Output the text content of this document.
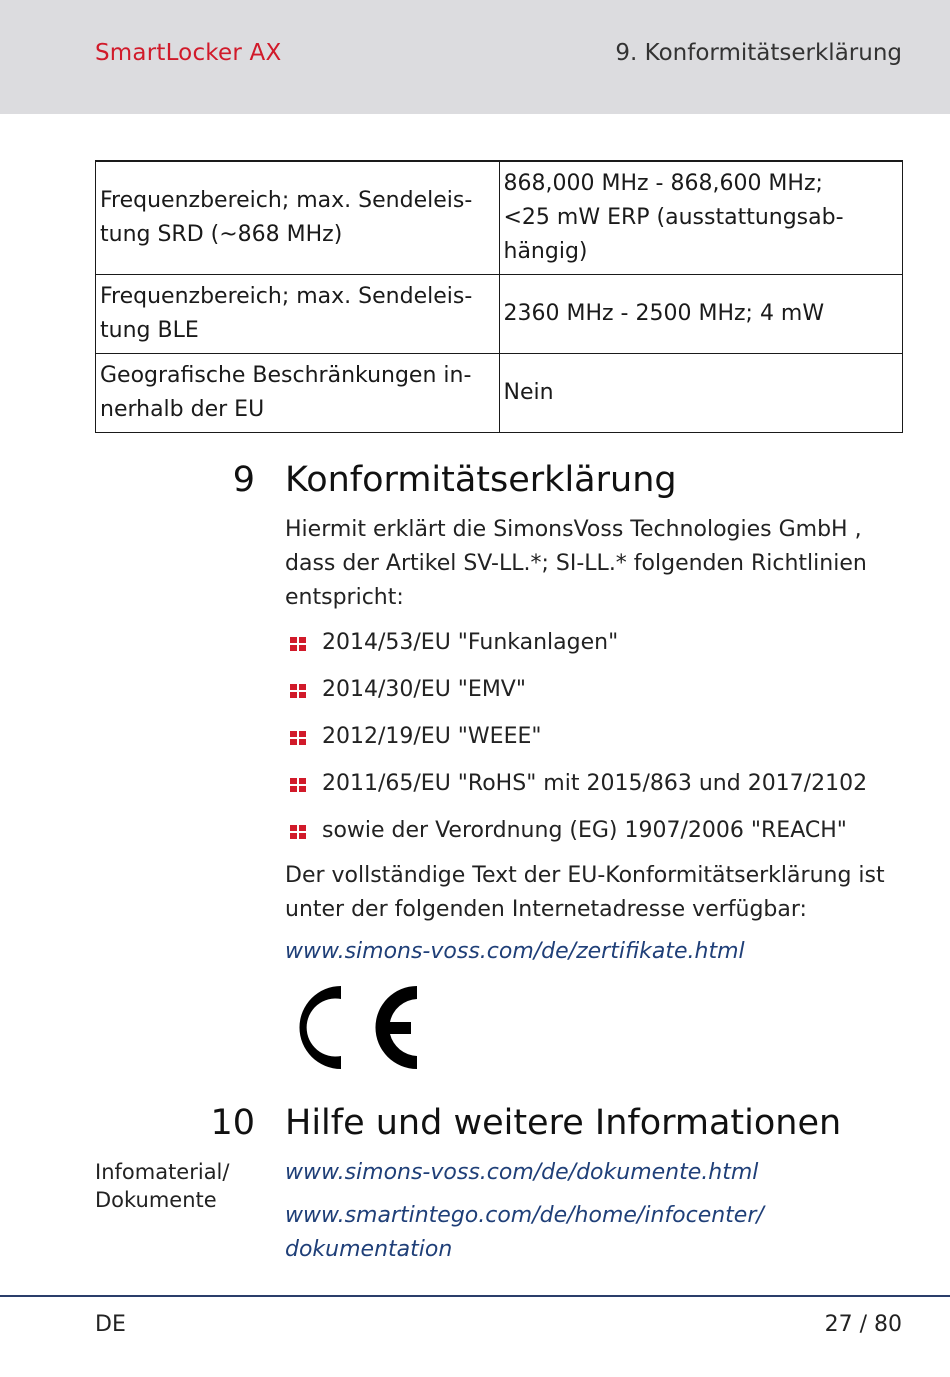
SmartLocker AX	9. Konformitätserklärung
Frequenzbereich; max. Sendeleis-
tung SRD (~868 MHz)	868,000 MHz - 868,600 MHz;
<25 mW ERP (ausstattungsab-
hängig)
Frequenzbereich; max. Sendeleis-
tung BLE	2360 MHz - 2500 MHz; 4 mW
Geografische Beschränkungen in-
nerhalb der EU	Nein
9 Konformitätserklärung

Hiermit erklärt die SimonsVoss Technologies GmbH , dass der Artikel SV-LL.*; SI-LL.* folgenden Richtlinien entspricht:

2014/53/EU "Funkanlagen"
2014/30/EU "EMV"
2012/19/EU "WEEE"
2011/65/EU "RoHS" mit 2015/863 und 2017/2102
sowie der Verordnung (EG) 1907/2006 "REACH"

Der vollständige Text der EU-Konformitätserklärung ist unter der folgenden Internetadresse verfügbar:

www.simons-voss.com/de/zertifikate.html
10 Hilfe und weitere Informationen
Infomaterial/
Dokumente
www.simons-voss.com/de/dokumente.html
www.smartintego.com/de/home/infocenter/
dokumentation
DE	27 / 80
